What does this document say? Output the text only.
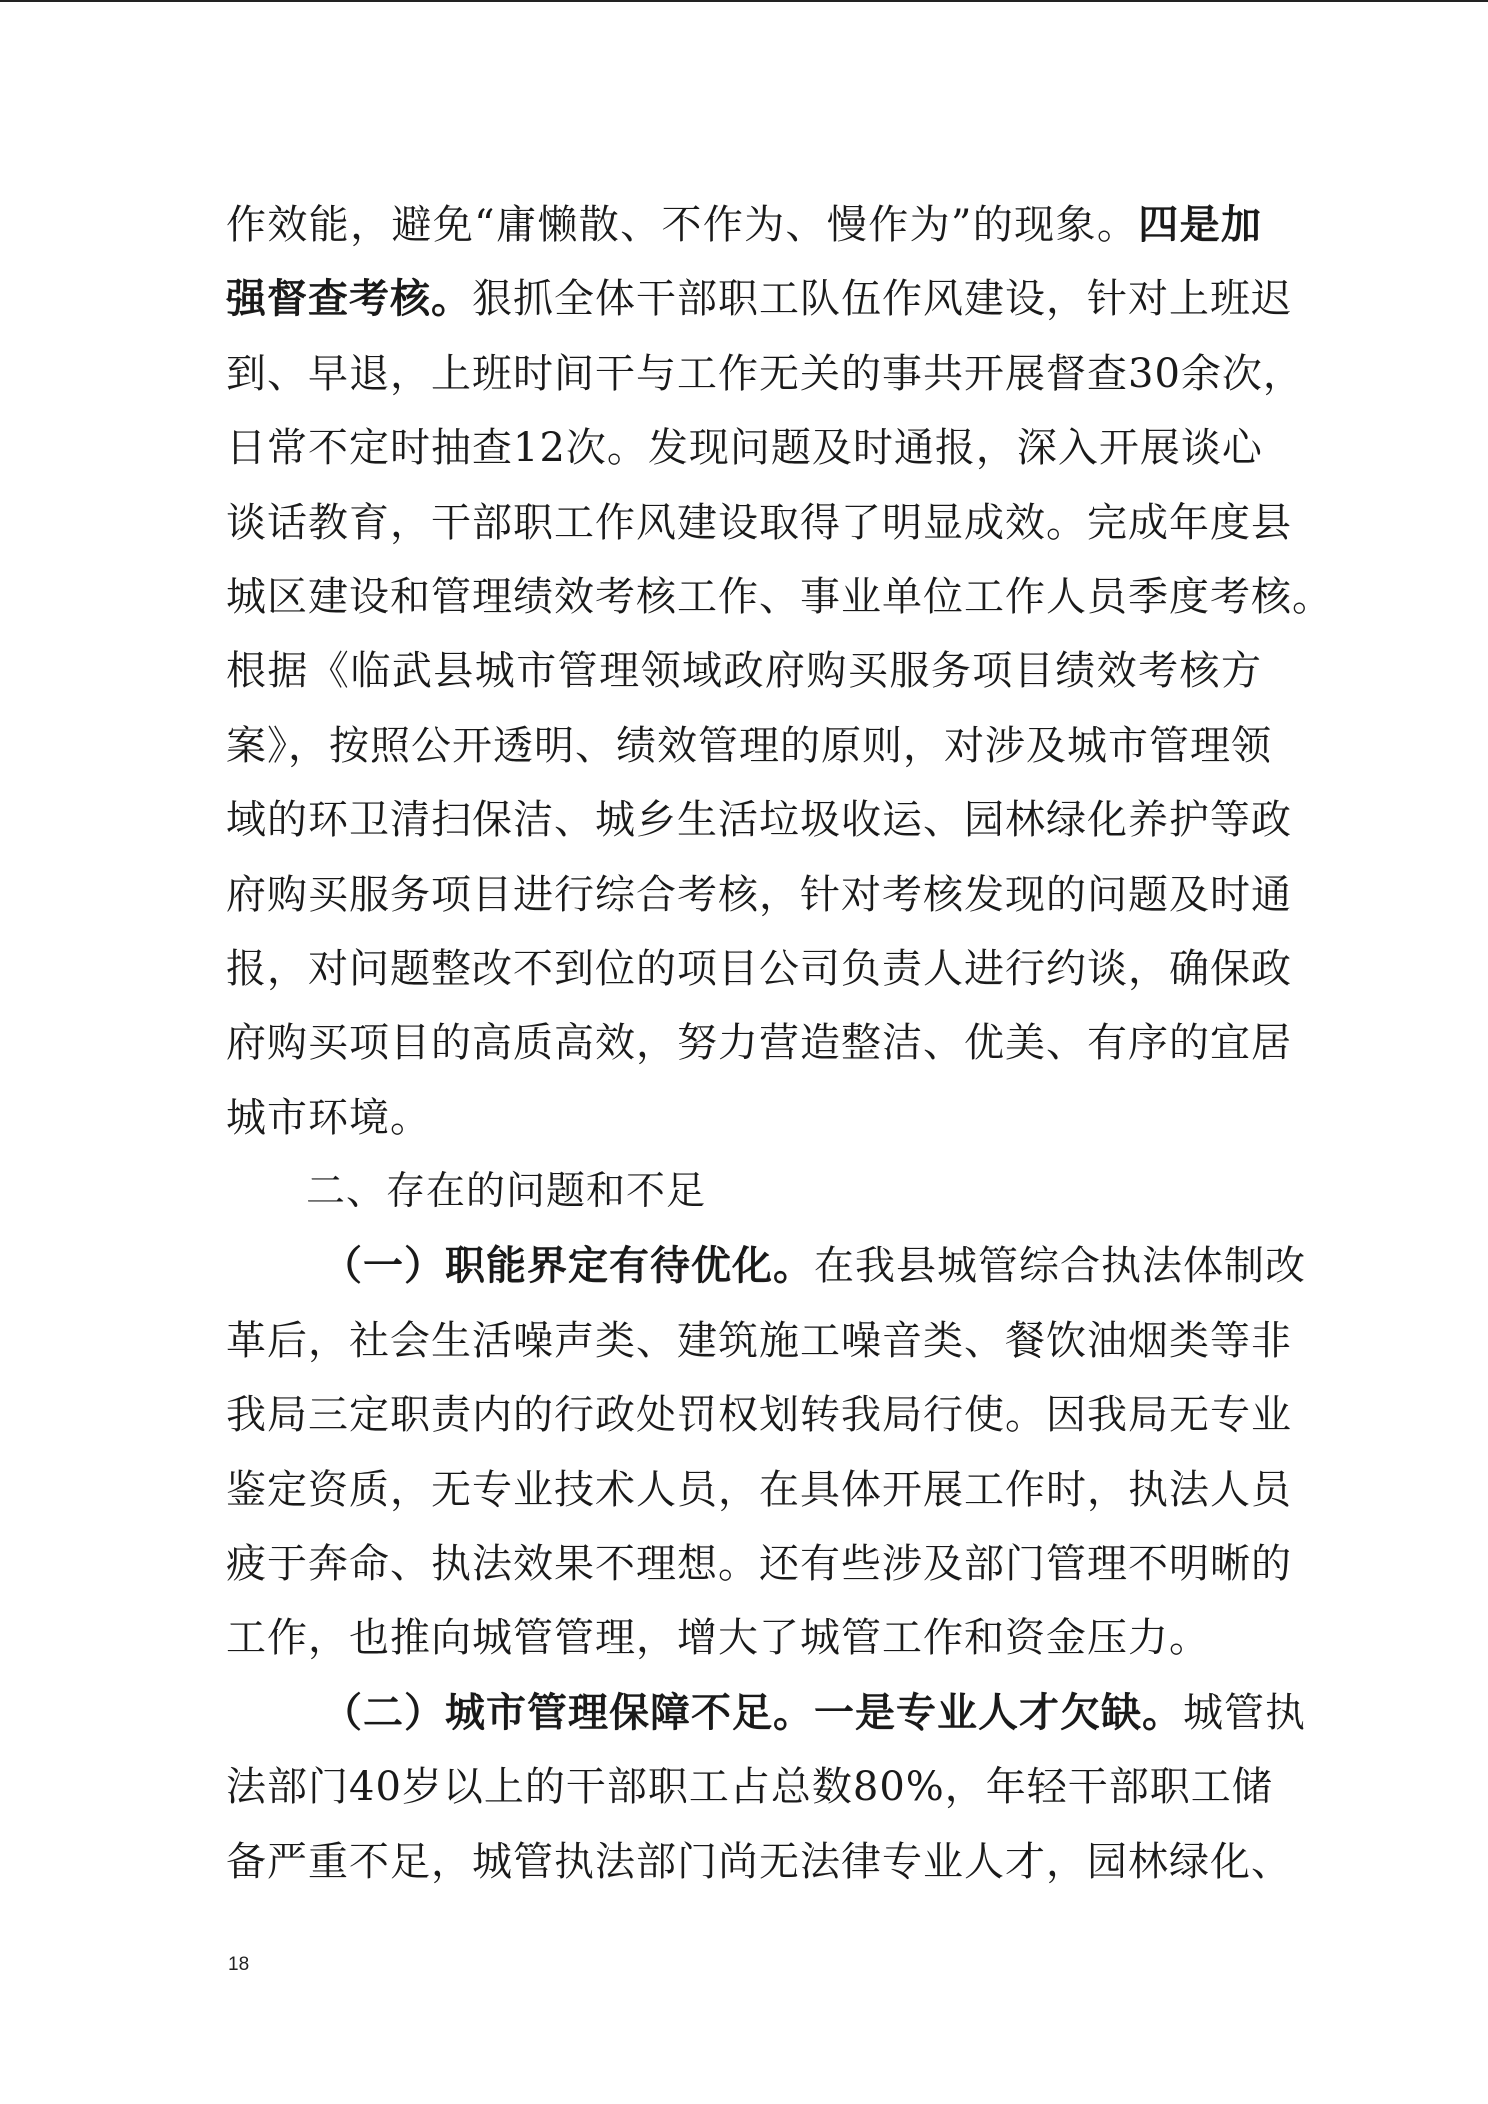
作效能，避免“庸懒散、不作为、慢作为”的现象。四是加
强督查考核。狠抓全体干部职工队伍作风建设，针对上班迟
到、早退，上班时间干与工作无关的事共开展督查30余次，
日常不定时抽查12次。发现问题及时通报，深入开展谈心
谈话教育，干部职工作风建设取得了明显成效。完成年度县
城区建设和管理绩效考核工作、事业单位工作人员季度考核。
根据《临武县城市管理领域政府购买服务项目绩效考核方
案》，按照公开透明、绩效管理的原则，对涉及城市管理领
域的环卫清扫保洁、城乡生活垃圾收运、园林绿化养护等政
府购买服务项目进行综合考核，针对考核发现的问题及时通
报，对问题整改不到位的项目公司负责人进行约谈，确保政
府购买项目的高质高效，努力营造整洁、优美、有序的宜居
城市环境。
二、存在的问题和不足
（一）职能界定有待优化。在我县城管综合执法体制改
革后，社会生活噪声类、建筑施工噪音类、餐饮油烟类等非
我局三定职责内的行政处罚权划转我局行使。因我局无专业
鉴定资质，无专业技术人员，在具体开展工作时，执法人员
疲于奔命、执法效果不理想。还有些涉及部门管理不明晰的
工作，也推向城管管理，增大了城管工作和资金压力。
（二）城市管理保障不足。一是专业人才欠缺。城管执
法部门40岁以上的干部职工占总数80%，年轻干部职工储
备严重不足，城管执法部门尚无法律专业人才，园林绿化、
18
